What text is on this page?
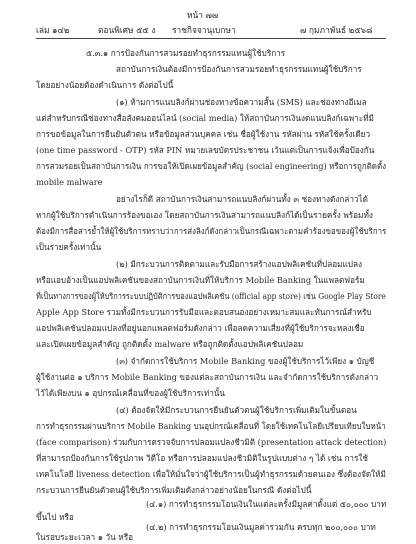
หน้า ๗๗
เล่ม ๑๔๒	ตอนพิเศษ ๕๕ ง ราชกิจจานุเบกษา	๗ กุมภาพันธ์ ๒๕๖๘
๕.๓.๑ การป้องกันการสวมรอยทำธุรกรรมแทนผู้ใช้บริการ
สถาบันการเงินต้องมีการป้องกันการสวมรอยทำธุรกรรมแทนผู้ใช้บริการ
โดยอย่างน้อยต้องดำเนินการ ดังต่อไปนี้
(๑) ห้ามการแนบลิงก์ผ่านช่องทางข้อความสั้น (SMS) และช่องทางอีเมล
แต่สำหรับกรณีช่องทางสื่อสังคมออนไลน์ (social media) ให้สถาบันการเงินงดแนบลิงก์เฉพาะที่มี
การขอข้อมูลในการยืนยันตัวตน หรือข้อมูลส่วนบุคคล เช่น ชื่อผู้ใช้งาน รหัสผ่าน รหัสใช้ครั้งเดียว
(one time password - OTP) รหัส PIN หมายเลขบัตรประชาชน เว้นแต่เป็นการแจ้งเพื่อป้องกัน
การสวมรอยเป็นสถาบันการเงิน การขอให้เปิดเผยข้อมูลสำคัญ (social engineering) หรือการถูกติดตั้ง
mobile malware
อย่างไรก็ดี สถาบันการเงินสามารถแนบลิงก์ผ่านทั้ง ๓ ช่องทางดังกล่าวได้
หากผู้ใช้บริการดำเนินการร้องขอเอง โดยสถาบันการเงินสามารถแนบลิงก์ได้เป็นรายครั้ง พร้อมทั้ง
ต้องมีการสื่อสารย้ำให้ผู้ใช้บริการทราบว่าการส่งลิงก์ดังกล่าวเป็นกรณีเฉพาะตามคำร้องขอของผู้ใช้บริการ
เป็นรายครั้งเท่านั้น
(๒) มีกระบวนการติดตามและรับมือการสร้างแอปพลิเคชันที่ปลอมแปลง
หรือแอบอ้างเป็นแอปพลิเคชันของสถาบันการเงินที่ให้บริการ Mobile Banking ในแพลตฟอร์ม
ที่เป็นทางการของผู้ให้บริการระบบปฏิบัติการของแอปพลิเคชัน (official app store) เช่น Google Play Store
Apple App Store รวมทั้งมีกระบวนการรับมือและตอบสนองอย่างเหมาะสมและทันการณ์สำหรับ
แอปพลิเคชันปลอมแปลงที่อยู่นอกแพลตฟอร์มดังกล่าว เพื่อลดความเสี่ยงที่ผู้ใช้บริการจะหลงเชื่อ
และเปิดเผยข้อมูลสำคัญ ถูกติดตั้ง malware หรือถูกติดตั้งแอปพลิเคชันปลอม
(๓) จำกัดการใช้บริการ Mobile Banking ของผู้ใช้บริการไว้เพียง ๑ บัญชี
ผู้ใช้งานต่อ ๑ บริการ Mobile Banking ของแต่ละสถาบันการเงิน และจำกัดการใช้บริการดังกล่าว
ไว้ได้เพียงบน ๑ อุปกรณ์เคลื่อนที่ของผู้ใช้บริการเท่านั้น
(๔) ต้องจัดให้มีกระบวนการยืนยันตัวตนผู้ใช้บริการเพิ่มเติมในขั้นตอน
การทำธุรกรรมผ่านบริการ Mobile Banking บนอุปกรณ์เคลื่อนที่ โดยใช้เทคโนโลยีเปรียบเทียบใบหน้า
(face comparison) ร่วมกับการตรวจจับการปลอมแปลงชีวมิติ (presentation attack detection)
ที่สามารถป้องกันการใช้รูปภาพ วิดีโอ หรือการปลอมแปลงชีวมิติในรูปแบบต่าง ๆ ได้ เช่น การใช้
เทคโนโลยี liveness detection เพื่อให้มั่นใจว่าผู้ใช้บริการเป็นผู้ทำธุรกรรมด้วยตนเอง ซึ่งต้องจัดให้มี
กระบวนการยืนยันตัวตนผู้ใช้บริการเพิ่มเติมดังกล่าวอย่างน้อยในกรณี ดังต่อไปนี้
(๔.๑) การทำธุรกรรมโอนเงินในแต่ละครั้งมีมูลค่าตั้งแต่ ๕๐,๐๐๐ บาท
ขึ้นไป หรือ
(๔.๒) การทำธุรกรรมโอนเงินมูลค่ารวมกัน ครบทุก ๒๐๐,๐๐๐ บาท
ในรอบระยะเวลา ๑ วัน หรือ
